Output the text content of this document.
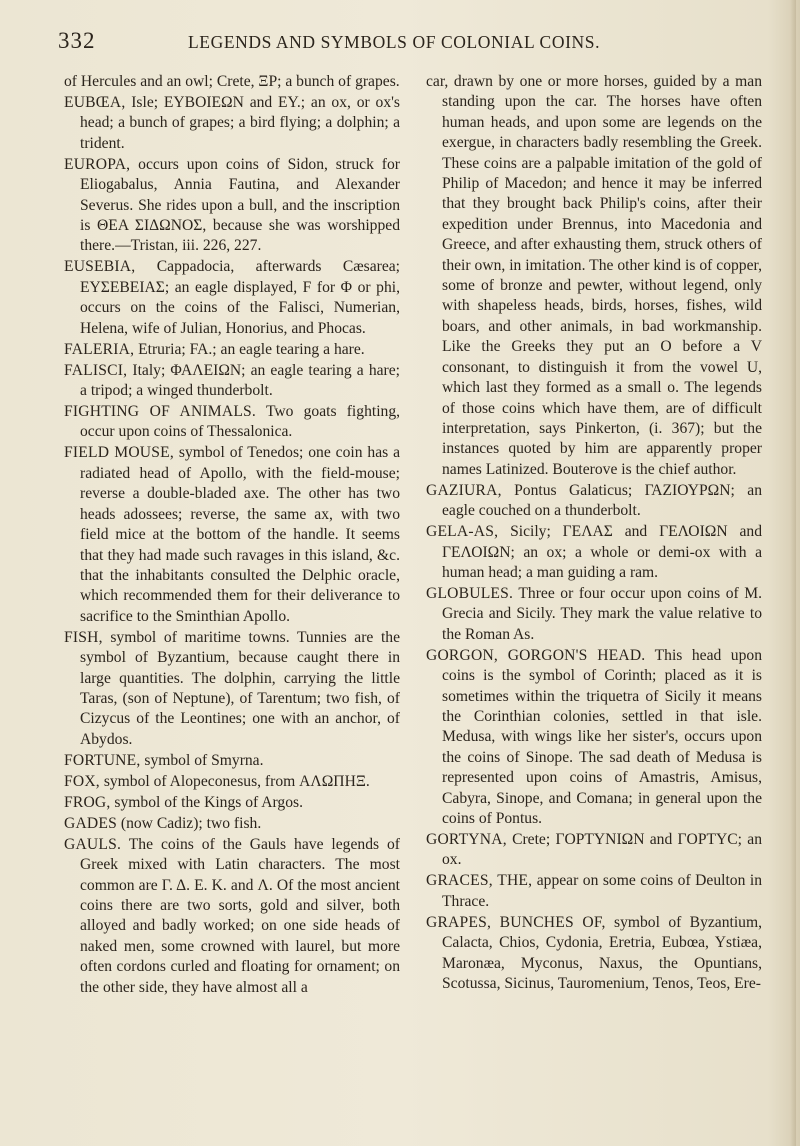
332	LEGENDS AND SYMBOLS OF COLONIAL COINS.

of Hercules and an owl; Crete, ΞΡ; a bunch of grapes.

EUBŒA, Isle; ΕΥΒΟΙΕΩΝ and ΕΥ.; an ox, or ox's head; a bunch of grapes; a bird flying; a dolphin; a trident.

EUROPA, occurs upon coins of Sidon, struck for Eliogabalus, Annia Fautina, and Alexander Severus. She rides upon a bull, and the inscription is ΘΕΑ ΣΙΔΩΝΟΣ, because she was worshipped there.—Tristan, iii. 226, 227.

EUSEBIA, Cappadocia, afterwards Cæsarea; ΕΥΣΕΒΕΙΑΣ; an eagle displayed, F for Φ or phi, occurs on the coins of the Falisci, Numerian, Helena, wife of Julian, Honorius, and Phocas.

FALERIA, Etruria; FA.; an eagle tearing a hare.

FALISCI, Italy; ΦΑΛΕΙΩΝ; an eagle tearing a hare; a tripod; a winged thunderbolt.

FIGHTING OF ANIMALS. Two goats fighting, occur upon coins of Thessalonica.

FIELD MOUSE, symbol of Tenedos; one coin has a radiated head of Apollo, with the field-mouse; reverse a double-bladed axe. The other has two heads adossees; reverse, the same ax, with two field mice at the bottom of the handle. It seems that they had made such ravages in this island, &c. that the inhabitants consulted the Delphic oracle, which recommended them for their deliverance to sacrifice to the Sminthian Apollo.

FISH, symbol of maritime towns. Tunnies are the symbol of Byzantium, because caught there in large quantities. The dolphin, carrying the little Taras, (son of Neptune), of Tarentum; two fish, of Cizycus of the Leontines; one with an anchor, of Abydos.

FORTUNE, symbol of Smyrna.

FOX, symbol of Alopeconesus, from ΑΛΩΠΗΞ.

FROG, symbol of the Kings of Argos.

GADES (now Cadiz); two fish.

GAULS. The coins of the Gauls have legends of Greek mixed with Latin characters. The most common are Γ. Δ. E. K. and Λ. Of the most ancient coins there are two sorts, gold and silver, both alloyed and badly worked; on one side heads of naked men, some crowned with laurel, but more often cordons curled and floating for ornament; on the other side, they have almost all a

car, drawn by one or more horses, guided by a man standing upon the car. The horses have often human heads, and upon some are legends on the exergue, in characters badly resembling the Greek. These coins are a palpable imitation of the gold of Philip of Macedon; and hence it may be inferred that they brought back Philip's coins, after their expedition under Brennus, into Macedonia and Greece, and after exhausting them, struck others of their own, in imitation. The other kind is of copper, some of bronze and pewter, without legend, only with shapeless heads, birds, horses, fishes, wild boars, and other animals, in bad workmanship. Like the Greeks they put an O before a V consonant, to distinguish it from the vowel U, which last they formed as a small o. The legends of those coins which have them, are of difficult interpretation, says Pinkerton, (i. 367); but the instances quoted by him are apparently proper names Latinized. Bouterove is the chief author.

GAZIURA, Pontus Galaticus; ΓΑΖΙΟΥΡΩΝ; an eagle couched on a thunderbolt.

GELA-AS, Sicily; ΓΕΛΑΣ and ΓΕΛΟΙΩΝ and ΓΕΛΟΙΩΝ; an ox; a whole or demi-ox with a human head; a man guiding a ram.

GLOBULES. Three or four occur upon coins of M. Grecia and Sicily. They mark the value relative to the Roman As.

GORGON, GORGON'S HEAD. This head upon coins is the symbol of Corinth; placed as it is sometimes within the triquetra of Sicily it means the Corinthian colonies, settled in that isle. Medusa, with wings like her sister's, occurs upon the coins of Sinope. The sad death of Medusa is represented upon coins of Amastris, Amisus, Cabyra, Sinope, and Comana; in general upon the coins of Pontus.

GORTYNA, Crete; ΓΟΡΤΥΝΙΩΝ and ΓΟΡΤΥC; an ox.

GRACES, THE, appear on some coins of Deulton in Thrace.

GRAPES, BUNCHES OF, symbol of Byzantium, Calacta, Chios, Cydonia, Eretria, Eubœa, Ystiæa, Maronæa, Myconus, Naxus, the Opuntians, Scotussa, Sicinus, Tauromenium, Tenos, Teos, Ere-
